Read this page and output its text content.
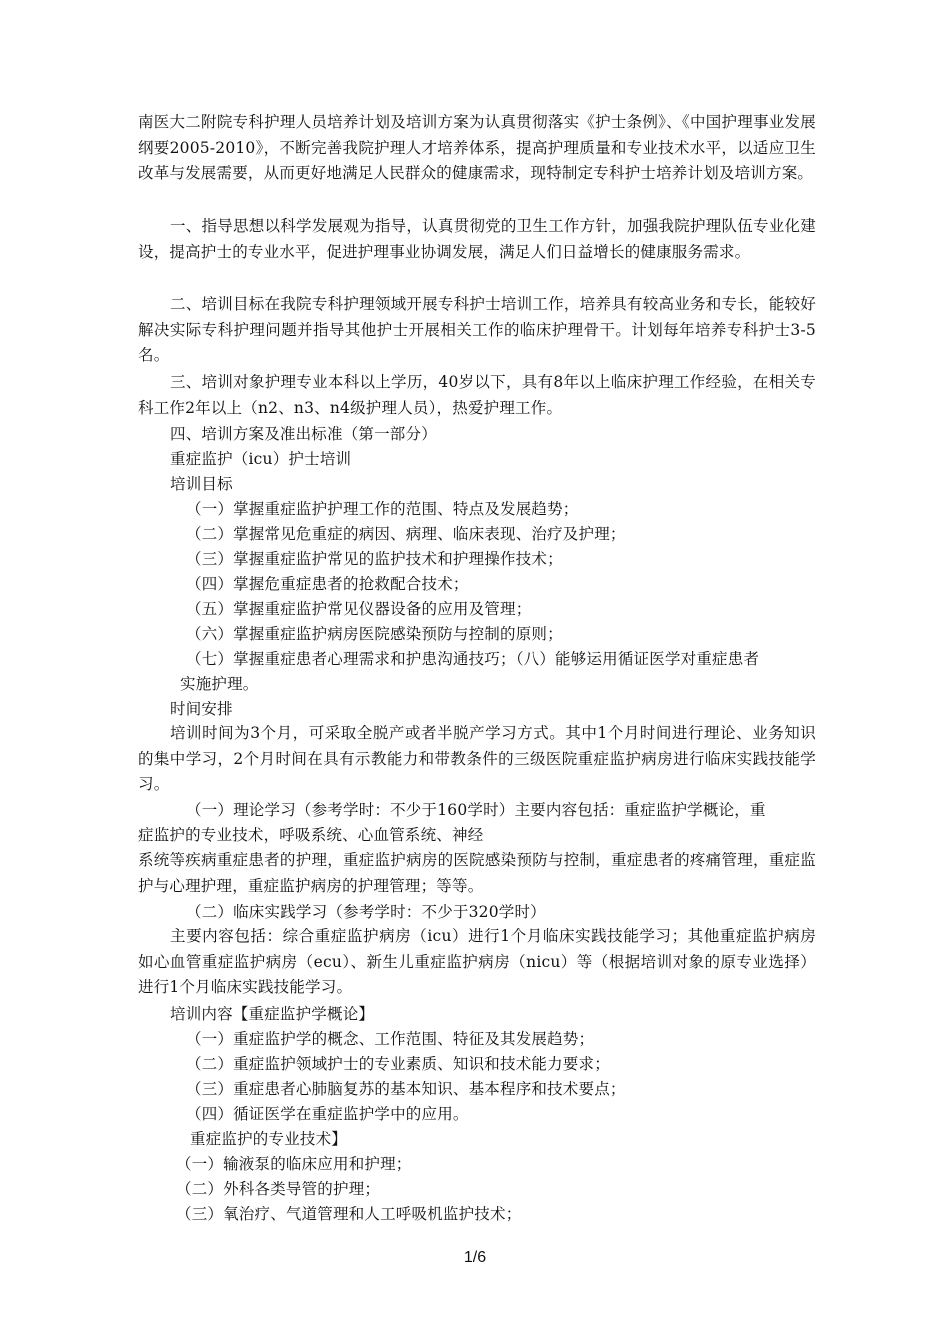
南医大二附院专科护理人员培养计划及培训方案为认真贯彻落实《护士条例》、《中国护理事业发展纲要2005-2010》，不断完善我院护理人才培养体系，提高护理质量和专业技术水平，以适应卫生改革与发展需要，从而更好地满足人民群众的健康需求，现特制定专科护士培养计划及培训方案。
一、指导思想以科学发展观为指导，认真贯彻党的卫生工作方针，加强我院护理队伍专业化建设，提高护士的专业水平，促进护理事业协调发展，满足人们日益增长的健康服务需求。
二、培训目标在我院专科护理领域开展专科护士培训工作，培养具有较高业务和专长，能较好解决实际专科护理问题并指导其他护士开展相关工作的临床护理骨干。计划每年培养专科护士3-5名。
三、培训对象护理专业本科以上学历，40岁以下，具有8年以上临床护理工作经验，在相关专科工作2年以上（n2、n3、n4级护理人员），热爱护理工作。
四、培训方案及准出标准（第一部分）
重症监护（icu）护士培训
培训目标
（一）掌握重症监护护理工作的范围、特点及发展趋势；
（二）掌握常见危重症的病因、病理、临床表现、治疗及护理；
（三）掌握重症监护常见的监护技术和护理操作技术；
（四）掌握危重症患者的抢救配合技术；
（五）掌握重症监护常见仪器设备的应用及管理；
（六）掌握重症监护病房医院感染预防与控制的原则；
（七）掌握重症患者心理需求和护患沟通技巧；（八）能够运用循证医学对重症患者
实施护理。
时间安排
培训时间为3个月，可采取全脱产或者半脱产学习方式。其中1个月时间进行理论、业务知识的集中学习，2个月时间在具有示教能力和带教条件的三级医院重症监护病房进行临床实践技能学习。
（一）理论学习（参考学时：不少于160学时）主要内容包括：重症监护学概论，重
症监护的专业技术，呼吸系统、心血管系统、神经
系统等疾病重症患者的护理，重症监护病房的医院感染预防与控制，重症患者的疼痛管理，重症监护与心理护理，重症监护病房的护理管理；等等。
（二）临床实践学习（参考学时：不少于320学时）
主要内容包括：综合重症监护病房（icu）进行1个月临床实践技能学习；其他重症监护病房如心血管重症监护病房（ecu）、新生儿重症监护病房（nicu）等（根据培训对象的原专业选择）进行1个月临床实践技能学习。
培训内容【重症监护学概论】
（一）重症监护学的概念、工作范围、特征及其发展趋势；
（二）重症监护领域护士的专业素质、知识和技术能力要求；
（三）重症患者心肺脑复苏的基本知识、基本程序和技术要点；
（四）循证医学在重症监护学中的应用。
重症监护的专业技术】
（一）输液泵的临床应用和护理；
（二）外科各类导管的护理；
（三）氧治疗、气道管理和人工呼吸机监护技术；
1/6
